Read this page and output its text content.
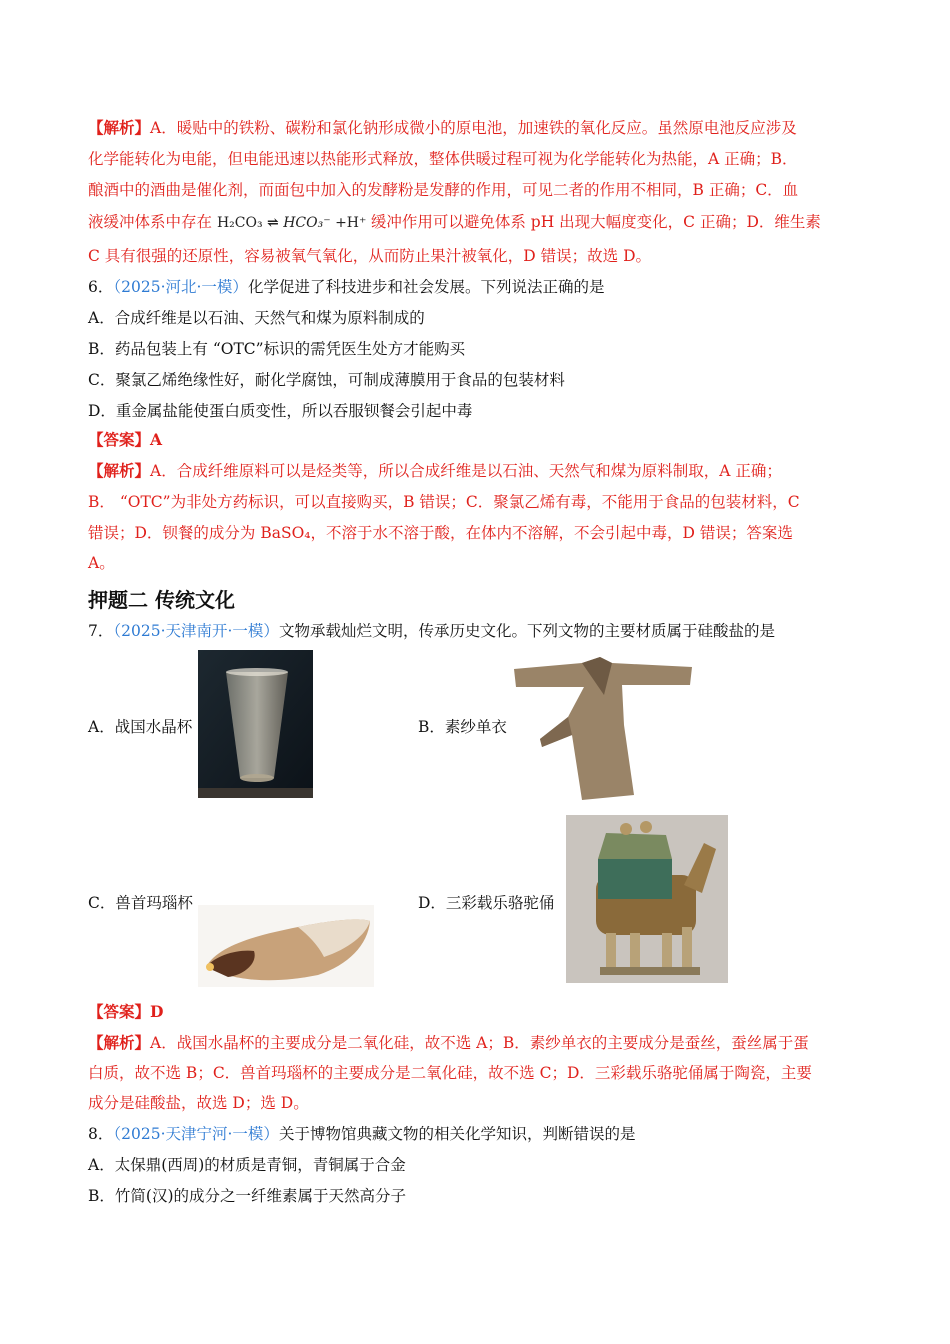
【解析】A．暖贴中的铁粉、碳粉和氯化钠形成微小的原电池，加速铁的氧化反应。虽然原电池反应涉及
化学能转化为电能，但电能迅速以热能形式释放，整体供暖过程可视为化学能转化为热能，A 正确；B．
酿酒中的酒曲是催化剂，而面包中加入的发酵粉是发酵的作用，可见二者的作用不相同，B 正确；C．血
液缓冲体系中存在 H₂CO₃ ⇌ HCO₃⁻ +H⁺ 缓冲作用可以避免体系 pH 出现大幅度变化，C 正确；D．维生素
C 具有很强的还原性，容易被氧气氧化，从而防止果汁被氧化，D 错误；故选 D。
6．（2025·河北·一模）化学促进了科技进步和社会发展。下列说法正确的是
A．合成纤维是以石油、天然气和煤为原料制成的
B．药品包装上有 “OTC”标识的需凭医生处方才能购买
C．聚氯乙烯绝缘性好，耐化学腐蚀，可制成薄膜用于食品的包装材料
D．重金属盐能使蛋白质变性，所以吞服钡餐会引起中毒
【答案】A
【解析】A．合成纤维原料可以是烃类等，所以合成纤维是以石油、天然气和煤为原料制取，A 正确；
B． “OTC”为非处方药标识，可以直接购买，B 错误；C．聚氯乙烯有毒，不能用于食品的包装材料，C
错误；D．钡餐的成分为 BaSO₄，不溶于水不溶于酸，在体内不溶解，不会引起中毒，D 错误；答案选
A。
押题二 传统文化
7．（2025·天津南开·一模）文物承载灿烂文明，传承历史文化。下列文物的主要材质属于硅酸盐的是
A．战国水晶杯	B．素纱单衣
C．兽首玛瑙杯	D．三彩载乐骆驼俑
【答案】D
【解析】A．战国水晶杯的主要成分是二氧化硅，故不选 A；B．素纱单衣的主要成分是蚕丝，蚕丝属于蛋
白质，故不选 B；C．兽首玛瑙杯的主要成分是二氧化硅，故不选 C；D．三彩载乐骆驼俑属于陶瓷，主要
成分是硅酸盐，故选 D；选 D。
8．（2025·天津宁河·一模）关于博物馆典藏文物的相关化学知识，判断错误的是
A．太保鼎(西周)的材质是青铜，青铜属于合金
B．竹简(汉)的成分之一纤维素属于天然高分子
